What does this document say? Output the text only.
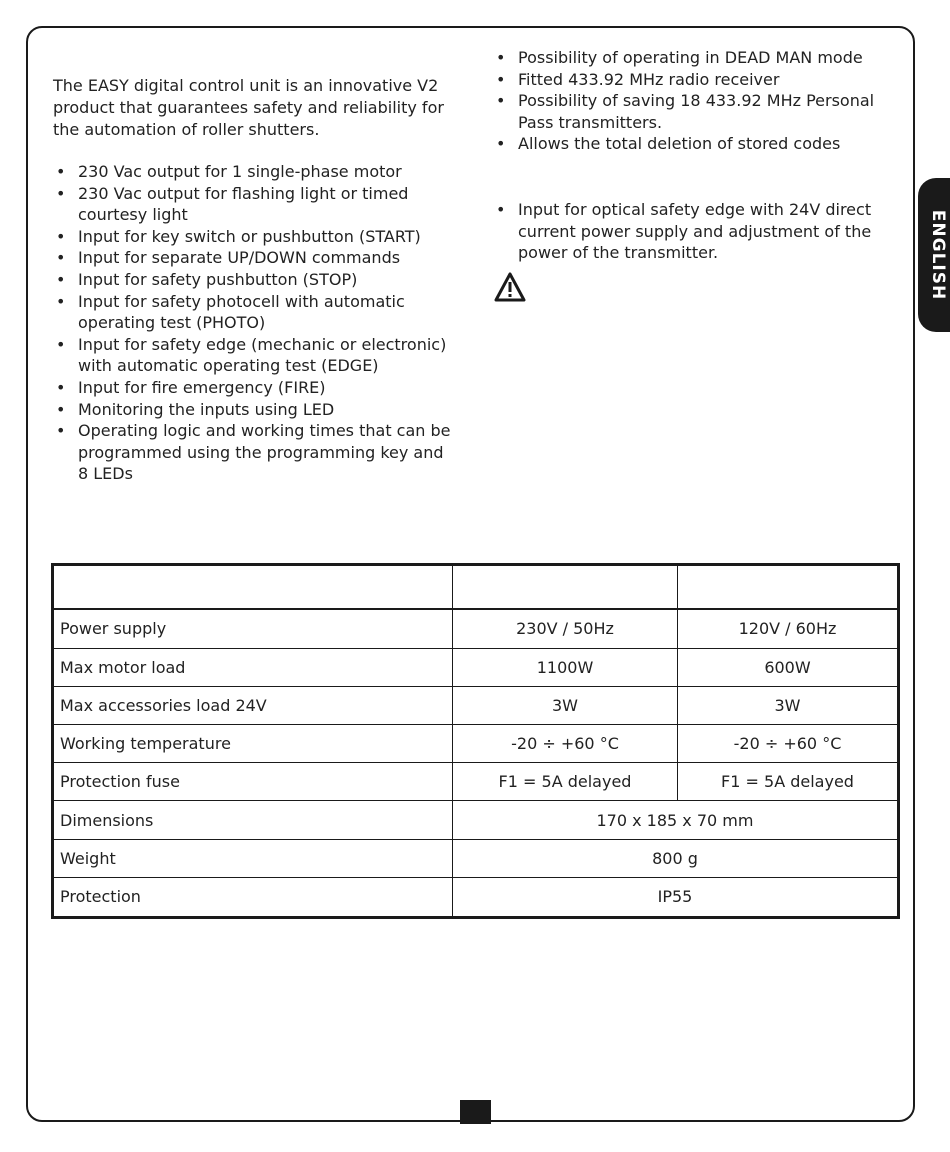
ENGLISH

The EASY digital control unit is an innovative V2 product that guarantees safety and reliability for the automation of roller shutters.

• 230 Vac output for 1 single-phase motor
• 230 Vac output for flashing light or timed courtesy light
• Input for key switch or pushbutton (START)
• Input for separate UP/DOWN commands
• Input for safety pushbutton (STOP)
• Input for safety photocell with automatic operating test (PHOTO)
• Input for safety edge (mechanic or electronic) with automatic operating test (EDGE)
• Input for fire emergency (FIRE)
• Monitoring the inputs using LED
• Operating logic and working times that can be programmed using the programming key and 8 LEDs
• Possibility of operating in DEAD MAN mode
• Fitted 433.92 MHz radio receiver
• Possibility of saving 18 433.92 MHz Personal Pass transmitters.
• Allows the total deletion of stored codes
• Input for optical safety edge with 24V direct current power supply and adjustment of the power of the transmitter.

Power supply	230V / 50Hz	120V / 60Hz
Max motor load	1100W	600W
Max accessories load 24V	3W	3W
Working temperature	-20 ÷ +60 °C	-20 ÷ +60 °C
Protection fuse	F1 = 5A delayed	F1 = 5A delayed
Dimensions	170 x 185 x 70 mm	
Weight	800 g	
Protection	IP55	
